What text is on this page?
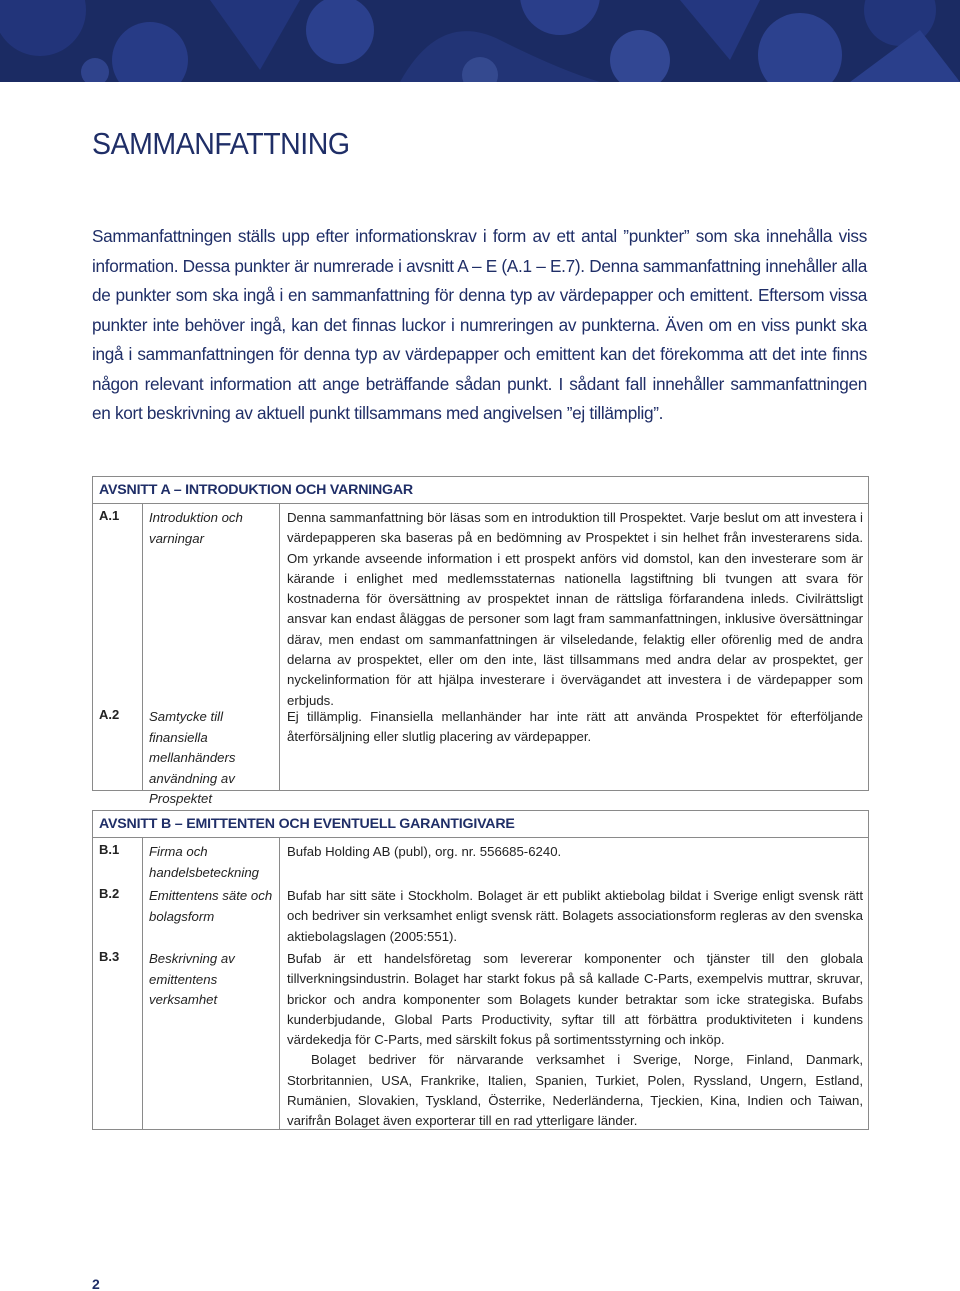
SAMMANFATTNING

Sammanfattningen ställs upp efter informationskrav i form av ett antal ”punkter” som ska innehålla viss information. Dessa punkter är numrerade i avsnitt A – E (A.1 – E.7). Denna sammanfattning innehåller alla de punkter som ska ingå i en sammanfattning för denna typ av värdepapper och emittent. Eftersom vissa punkter inte behöver ingå, kan det finnas luckor i numreringen av punkterna. Även om en viss punkt ska ingå i sammanfattningen för denna typ av värdepapper och emittent kan det förekomma att det inte finns någon relevant information att ange beträffande sådan punkt. I sådant fall innehåller sammanfattningen en kort beskrivning av aktuell punkt tillsammans med angivelsen ”ej tillämplig”.

AVSNITT A – INTRODUKTION OCH VARNINGAR
A.1 Introduktion och varningar
Denna sammanfattning bör läsas som en introduktion till Prospektet. Varje beslut om att investera i värdepapperen ska baseras på en bedömning av Prospektet i sin helhet från investerarens sida. Om yrkande avseende information i ett prospekt anförs vid domstol, kan den investerare som är kärande i enlighet med medlemsstaternas nationella lagstiftning bli tvungen att svara för kostnaderna för översättning av prospektet innan de rättsliga förfarandena inleds. Civilrättsligt ansvar kan endast åläggas de personer som lagt fram sammanfattningen, inklusive översättningar därav, men endast om sammanfattningen är vilseledande, felaktig eller oförenlig med de andra delarna av prospektet, eller om den inte, läst tillsammans med andra delar av prospektet, ger nyckelinformation för att hjälpa investerare i övervägandet att investera i de värdepapper som erbjuds.
A.2 Samtycke till finansiella mellanhänders användning av Prospektet
Ej tillämplig. Finansiella mellanhänder har inte rätt att använda Prospektet för efterföljande återförsäljning eller slutlig placering av värdepapper.
AVSNITT B – EMITTENTEN OCH EVENTUELL GARANTIGIVARE
B.1 Firma och handelsbeteckning
Bufab Holding AB (publ), org. nr. 556685-6240.
B.2 Emittentens säte och bolagsform
Bufab har sitt säte i Stockholm. Bolaget är ett publikt aktiebolag bildat i Sverige enligt svensk rätt och bedriver sin verksamhet enligt svensk rätt. Bolagets associationsform regleras av den svenska aktiebolagslagen (2005:551).
B.3 Beskrivning av emittentens verksamhet

Bufab är ett handelsföretag som levererar komponenter och tjänster till den globala tillverkningsindustrin. Bolaget har starkt fokus på så kallade C-Parts, exempelvis muttrar, skruvar, brickor och andra komponenter som Bolagets kunder betraktar som icke strategiska. Bufabs kunderbjudande, Global Parts Productivity, syftar till att förbättra produktiviteten i kundens värdekedja för C-Parts, med särskilt fokus på sortimentsstyrning och inköp.

Bolaget bedriver för närvarande verksamhet i Sverige, Norge, Finland, Danmark, Storbritannien, USA, Frankrike, Italien, Spanien, Turkiet, Polen, Ryssland, Ungern, Estland, Rumänien, Slovakien, Tyskland, Österrike, Nederländerna, Tjeckien, Kina, Indien och Taiwan, varifrån Bolaget även exporterar till en rad ytterligare länder.

2
